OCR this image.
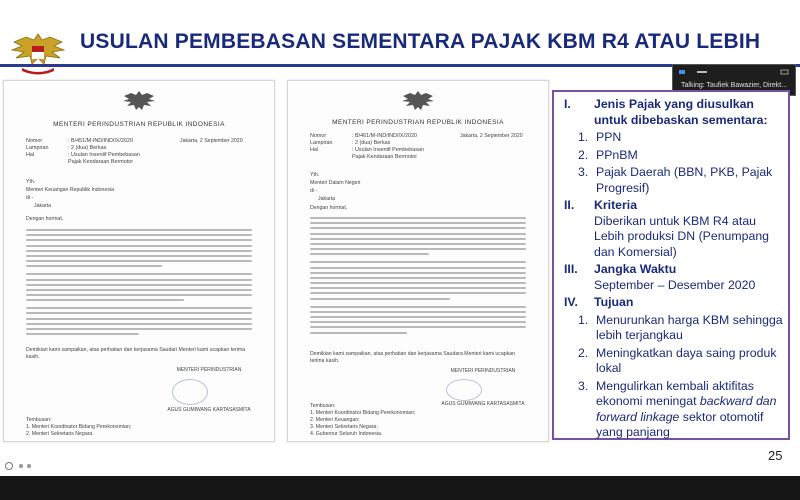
USULAN PEMBEBASAN SEMENTARA PAJAK KBM R4 ATAU LEBIH
Talking: Taufiek Bawazier, Direkt...
MENTERI PERINDUSTRIAN REPUBLIK INDONESIA
Nomor	: B/451/M-IND/IND/IX/2020
Lampiran	: 2 (dua) Berkas
Hal	: Usulan Insentif Pembebasan
Pajak Kendaraan Bermotor
Jakarta, 2 September 2020
Yth.
Menteri Keuangan Republik Indonesia
di -
Jakarta
Dengan hormat,
Demikian kami sampaikan, atas perhatian dan kerjasama Saudari Menteri kami ucapkan terima kasih.
MENTERI PERINDUSTRIAN
AGUS GUMIWANG KARTASASMITA
Tembusan:
1. Menteri Koordinator Bidang Perekonomian;
2. Menteri Sekretaris Negara.
MENTERI PERINDUSTRIAN REPUBLIK INDONESIA
Nomor	: B/461/M-IND/IND/IX/2020
Lampiran	: 2 (dua) Berkas
Hal	: Usulan Insentif Pembebasan
Pajak Kendaraan Bermotor
Jakarta, 2 September 2020
Yth.
Menteri Dalam Negeri
di -
Jakarta
Dengan hormat,
Demikian kami sampaikan, atas perhatian dan kerjasama Saudara Menteri kami ucapkan terima kasih.
MENTERI PERINDUSTRIAN
AGUS GUMIWANG KARTASASMITA
Tembusan:
1. Menteri Koordinator Bidang Perekonomian;
2. Menteri Keuangan;
3. Menteri Sekretaris Negara;
4. Gubernur Seluruh Indonesia.
I.	Jenis Pajak yang diusulkan untuk dibebaskan sementara:
1. PPN
2. PPnBM
3. Pajak Daerah (BBN, PKB, Pajak Progresif)
II.	Kriteria
Diberikan untuk KBM R4 atau Lebih produksi DN (Penumpang dan Komersial)
III.	Jangka Waktu
September – Desember 2020
IV.	Tujuan
1. Menurunkan harga KBM sehingga lebih terjangkau
2. Meningkatkan daya saing produk lokal
3. Mengulirkan kembali aktifitas ekonomi meningat backward dan forward linkage sektor otomotif yang panjang
25
